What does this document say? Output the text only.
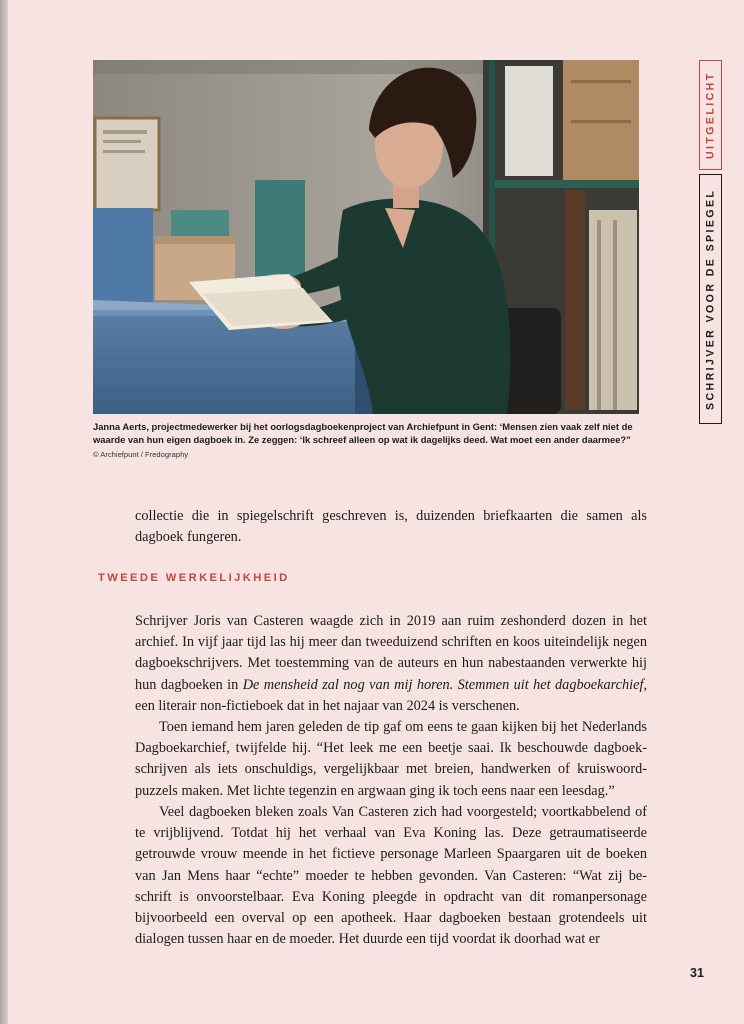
Janna Aerts, projectmedewerker bij het oorlogsdagboekenproject van Archiefpunt in Gent: ‘Mensen zien vaak zelf niet de waarde van hun eigen dagboek in. Ze zeggen: ‘Ik schreef alleen op wat ik dagelijks deed. Wat moet een ander daarmee?” © Archiefpunt / Fredography

UITGELICHT
SCHRIJVER VOOR DE SPIEGEL

collectie die in spiegelschrift geschreven is, duizenden briefkaarten die samen als dagboek fungeren.

TWEEDE WERKELIJKHEID

Schrijver Joris van Casteren waagde zich in 2019 aan ruim zeshonderd dozen in het archief. In vijf jaar tijd las hij meer dan tweeduizend schriften en koos uiteindelijk negen dagboekschrijvers. Met toestemming van de auteurs en hun nabestaanden verwerkte hij hun dagboeken in De mensheid zal nog van mij horen. Stemmen uit het dagboekarchief, een literair non-fictieboek dat in het najaar van 2024 is verschenen.

Toen iemand hem jaren geleden de tip gaf om eens te gaan kijken bij het Nederlands Dagboekarchief, twijfelde hij. “Het leek me een beetje saai. Ik beschouwde dagboek-schrijven als iets onschuldigs, vergelijkbaar met breien, handwerken of kruiswoord-puzzels maken. Met lichte tegenzin en argwaan ging ik toch eens naar een leesdag.”

Veel dagboeken bleken zoals Van Casteren zich had voorgesteld; voortkabbelend of te vrijblijvend. Totdat hij het verhaal van Eva Koning las. Deze getraumatiseerde getrouwde vrouw meende in het fictieve personage Marleen Spaargaren uit de boeken van Jan Mens haar “echte” moeder te hebben gevonden. Van Casteren: “Wat zij be-schrift is onvoorstelbaar. Eva Koning pleegde in opdracht van dit romanpersonage bijvoorbeeld een overval op een apotheek. Haar dagboeken bestaan grotendeels uit dialogen tussen haar en de moeder. Het duurde een tijd voordat ik doorhad wat er

31
